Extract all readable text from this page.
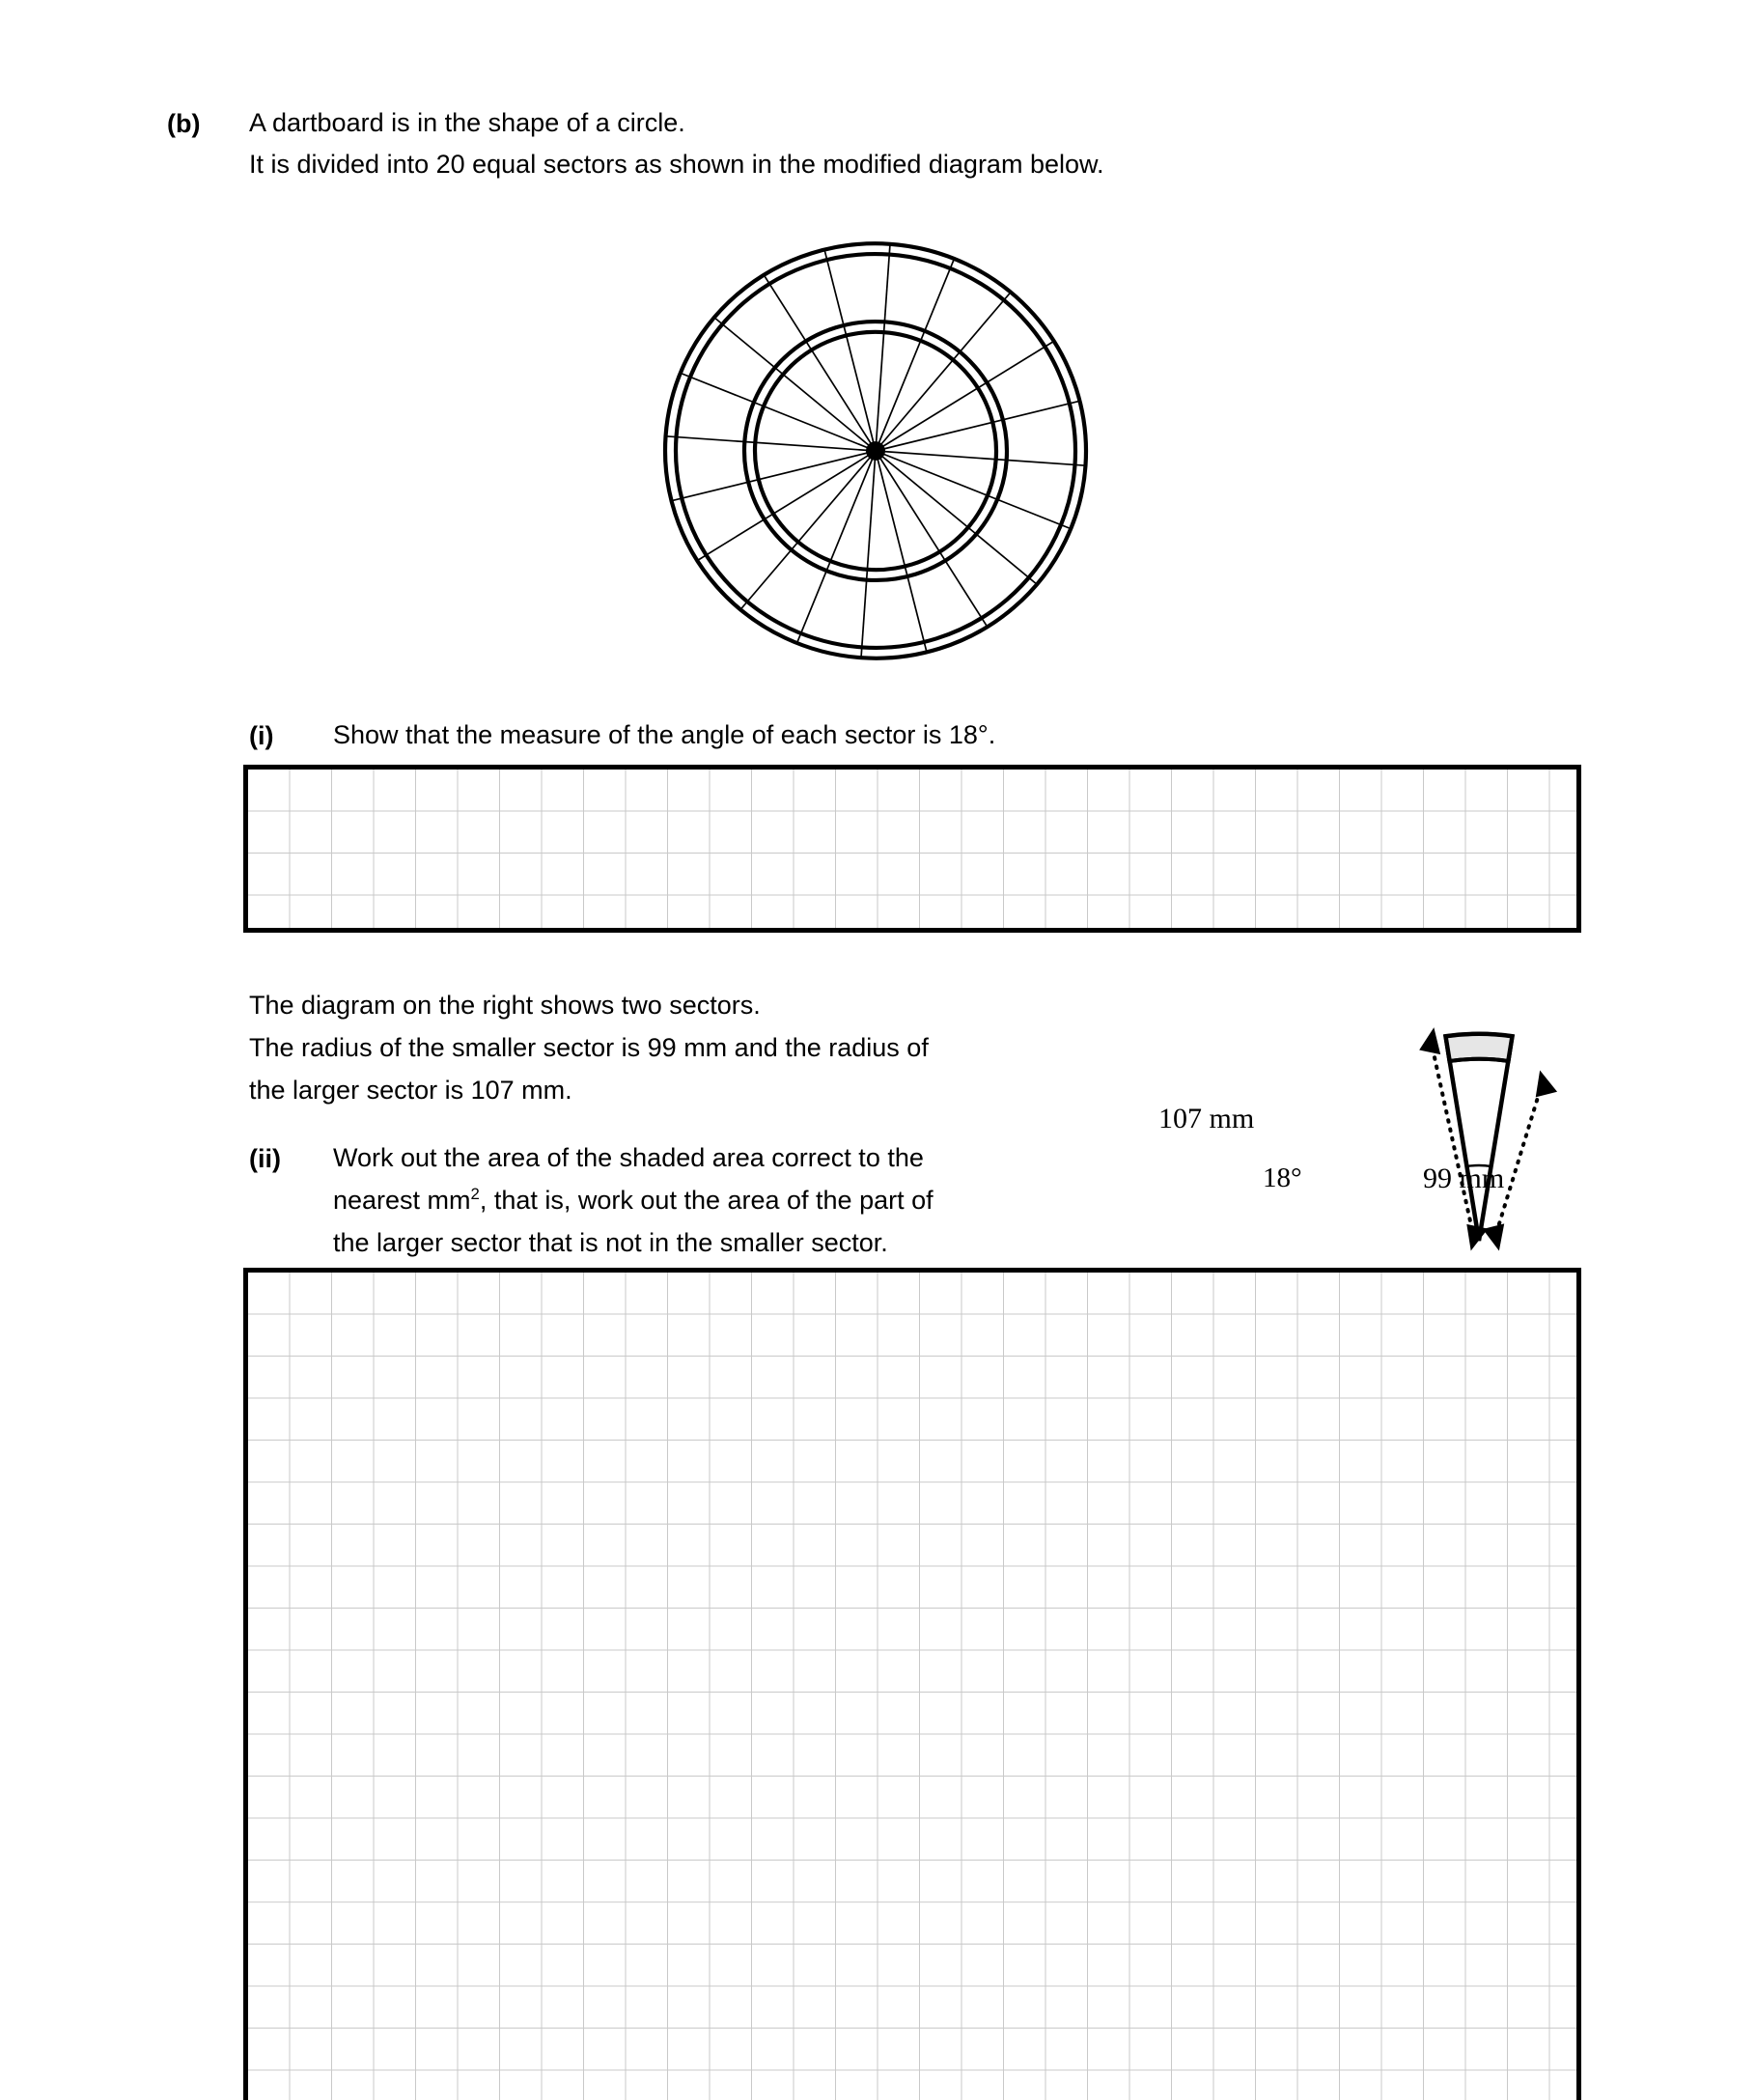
(b) A dartboard is in the shape of a circle.
It is divided into 20 equal sectors as shown in the modified diagram below.
(i) Show that the measure of the angle of each sector is 18°.
The diagram on the right shows two sectors.
The radius of the smaller sector is 99 mm and the radius of
the larger sector is 107 mm.
(ii) Work out the area of the shaded area correct to the
nearest $mm^2$, that is, work out the area of the part of
the larger sector that is not in the smaller sector.
107 mm
18°	99 mm
